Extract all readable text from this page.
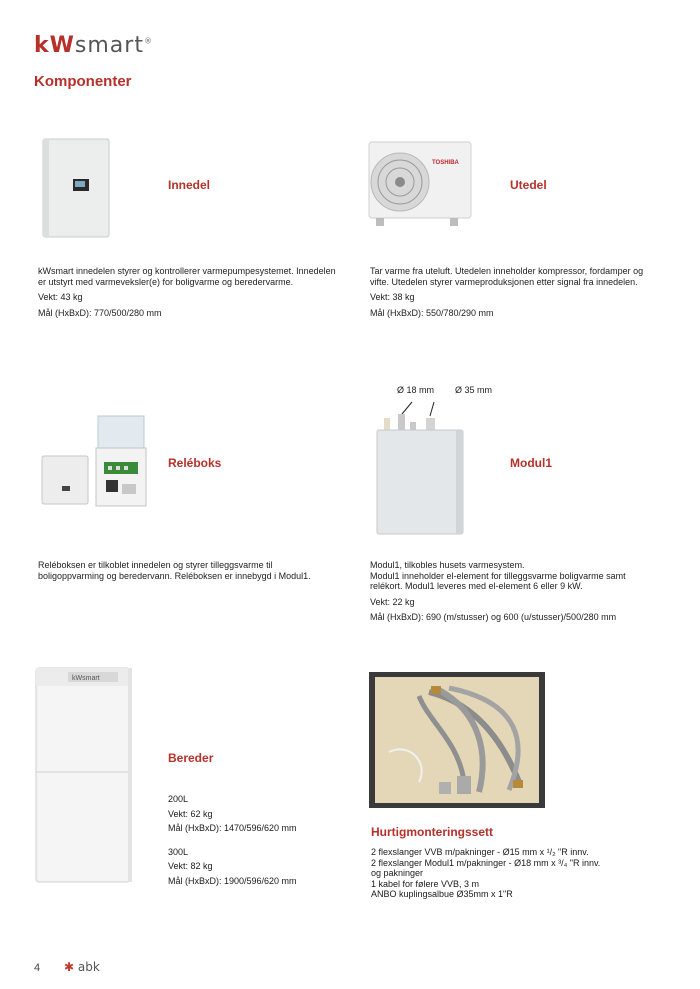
kWsmart®
Komponenter
Innedel

kWsmart innedelen styrer og kontrollerer varmepumpesystemet. Innedelen er utstyrt med varmeveksler(e) for boligvarme og beredervarme.

Vekt: 43 kg

Mål (HxBxD): 770/500/280 mm

TOSHIBA
Utedel

Tar varme fra uteluft. Utedelen inneholder kompressor, fordamper og vifte. Utedelen styrer varmeproduksjonen etter signal fra innedelen.

Vekt: 38 kg

Mål (HxBxD): 550/780/290 mm

Reléboks

Reléboksen er tilkoblet innedelen og styrer tilleggsvarme til boligoppvarming og beredervann. Reléboksen er innebygd i Modul1.

Ø 18 mm Ø 35 mm
Modul1

Modul1, tilkobles husets varmesystem.

Modul1 inneholder el-element for tilleggsvarme boligvarme samt relékort. Modul1 leveres med el-element 6 eller 9 kW.

Vekt: 22 kg

Mål (HxBxD): 690 (m/stusser) og 600 (u/stusser)/500/280 mm

kWsmart
Bereder

200L

Vekt: 62 kg

Mål (HxBxD): 1470/596/620 mm

300L

Vekt: 82 kg

Mål (HxBxD): 1900/596/620 mm

Hurtigmonteringssett

2 flexslanger VVB m/pakninger - Ø15 mm x ¹/₂ "R innv.

2 flexslanger Modul1 m/pakninger - Ø18 mm x ³/₄ "R innv.

og pakninger

1 kabel for følere VVB, 3 m

ANBO kuplingsalbue Ø35mm x 1"R

4 ✱ abk
